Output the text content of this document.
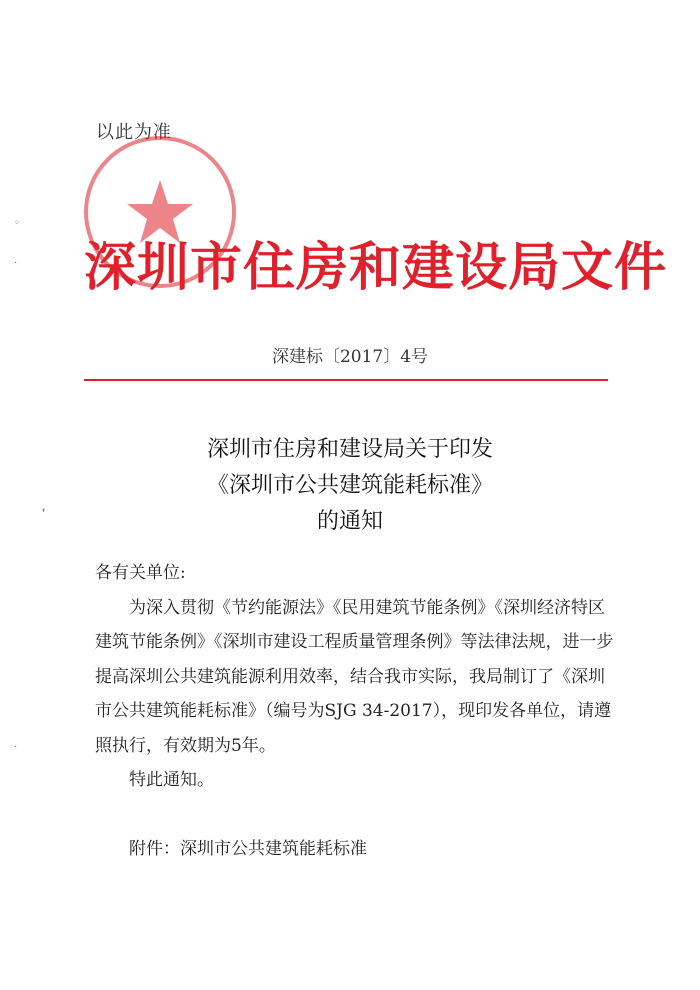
以此为准
深圳市住房和建设局文件
深建标〔2017〕4号
深圳市住房和建设局关于印发
《深圳市公共建筑能耗标准》
的通知

各有关单位:

为深入贯彻《节约能源法》《民用建筑节能条例》《深圳经济特区建筑节能条例》《深圳市建设工程质量管理条例》等法律法规，进一步提高深圳公共建筑能源利用效率，结合我市实际，我局制订了《深圳市公共建筑能耗标准》（编号为SJG 34-2017），现印发各单位，请遵照执行，有效期为5年。

特此通知。

附件：深圳市公共建筑能耗标准

◦
·
❜
·
